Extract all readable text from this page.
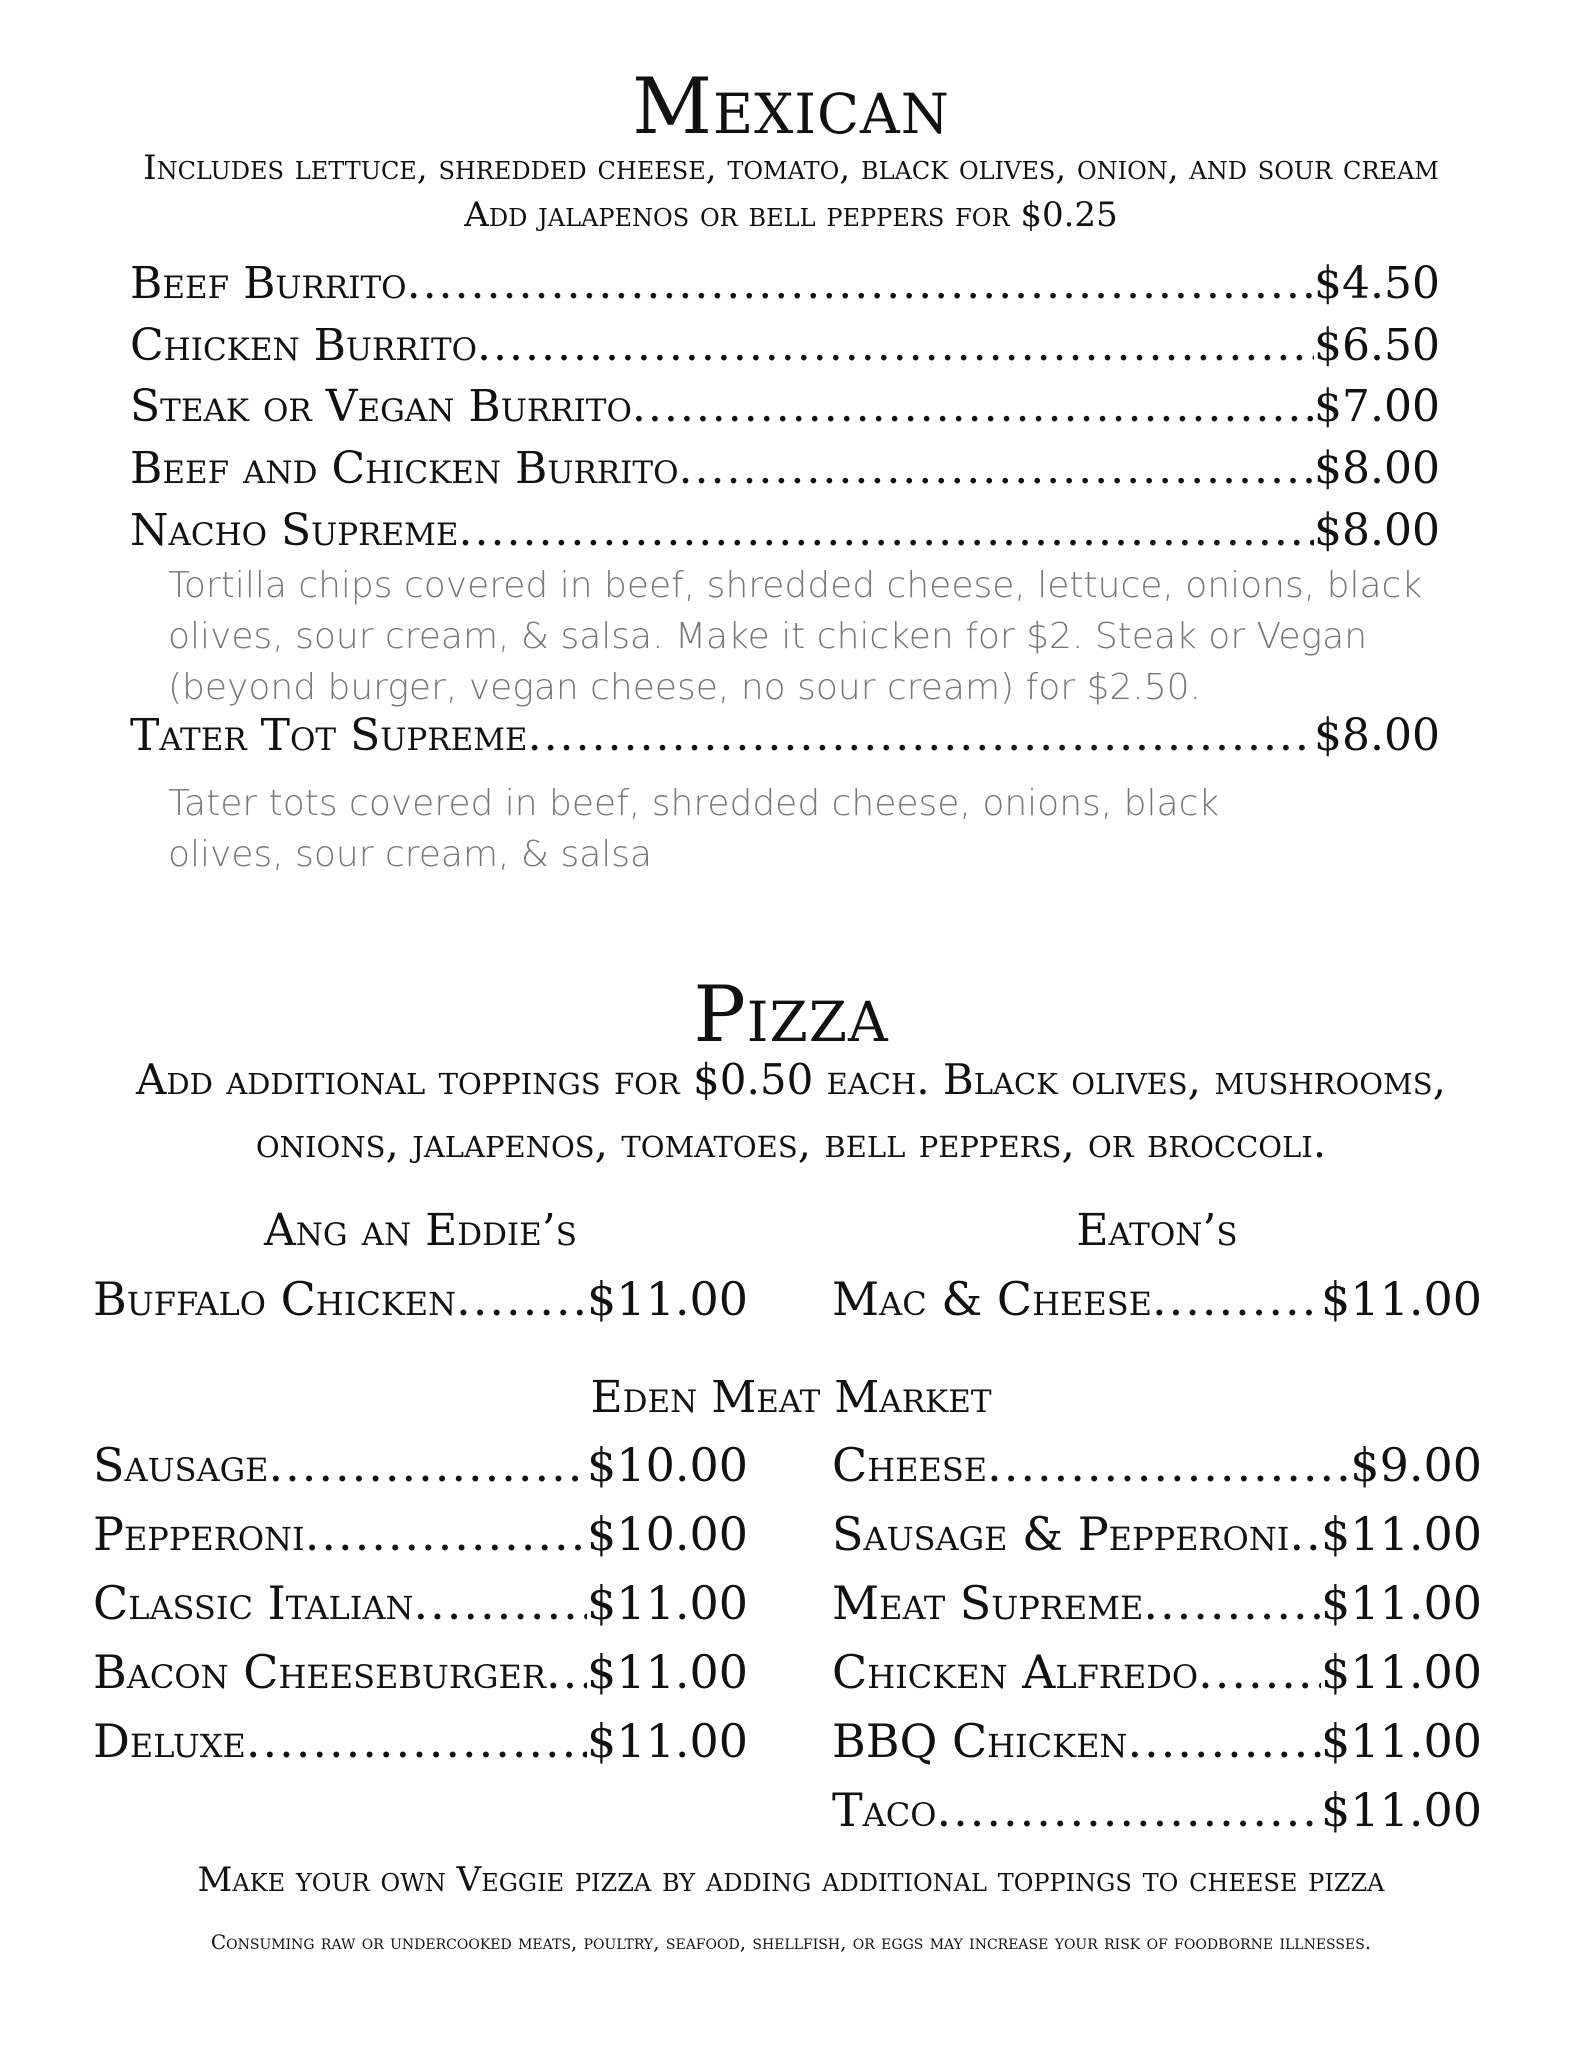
Mexican
Includes lettuce, shredded cheese, tomato, black olives, onion, and sour cream
Add jalapenos or bell peppers for $0.25
Beef Burrito .....	$4.50
Chicken Burrito .....	$6.50
Steak or Vegan Burrito .....	$7.00
Beef and Chicken Burrito .....	$8.00
Nacho Supreme .....	$8.00
Tortilla chips covered in beef, shredded cheese, lettuce, onions, black
olives, sour cream, & salsa. Make it chicken for $2. Steak or Vegan
(beyond burger, vegan cheese, no sour cream) for $2.50.
Tater Tot Supreme .....	$8.00
Tater tots covered in beef, shredded cheese, onions, black
olives, sour cream, & salsa
Pizza
Add additional toppings for $0.50 each. Black olives, mushrooms,
onions, jalapenos, tomatoes, bell peppers, or broccoli.
Ang an Eddie’s	Eaton’s
Buffalo Chicken .....	$11.00 Mac & Cheese .....	$11.00
Eden Meat Market
Sausage .....	$10.00
Pepperoni .....	$10.00
Classic Italian .....	$11.00
Bacon Cheeseburger ..... $11.00
Deluxe .....	$11.00
Cheese .....	$9.00
Sausage & Pepperoni ..... $11.00
Meat Supreme .....	$11.00
Chicken Alfredo .....	$11.00
BBQ Chicken .....	$11.00
Taco .....	$11.00
Make your own Veggie pizza by adding additional toppings to cheese pizza
Consuming raw or undercooked meats, poultry, seafood, shellfish, or eggs may increase your risk of foodborne illnesses.
